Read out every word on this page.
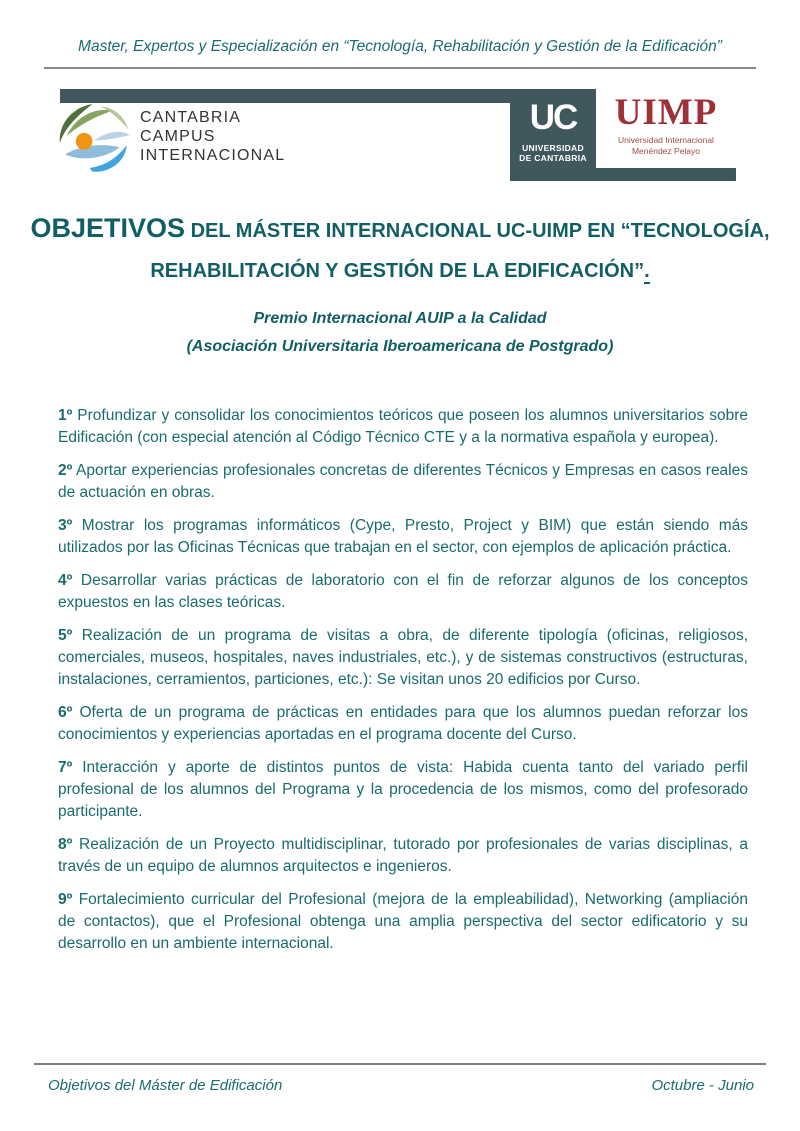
Master, Expertos y Especialización en “Tecnología, Rehabilitación y Gestión de la Edificación”
CANTABRIA
CAMPUS
INTERNACIONAL
UC
UNIVERSIDAD
DE CANTABRIA
UIMP
Universidad Internacional
Menéndez Pelayo
OBJETIVOS DEL MÁSTER INTERNACIONAL UC-UIMP EN “TECNOLOGÍA,
REHABILITACIÓN Y GESTIÓN DE LA EDIFICACIÓN”.
Premio Internacional AUIP a la Calidad
(Asociación Universitaria Iberoamericana de Postgrado)

1º Profundizar y consolidar los conocimientos teóricos que poseen los alumnos universitarios sobre Edificación (con especial atención al Código Técnico CTE y a la normativa española y europea).

2º Aportar experiencias profesionales concretas de diferentes Técnicos y Empresas en casos reales de actuación en obras.

3º Mostrar los programas informáticos (Cype, Presto, Project y BIM) que están siendo más utilizados por las Oficinas Técnicas que trabajan en el sector, con ejemplos de aplicación práctica.

4º Desarrollar varias prácticas de laboratorio con el fin de reforzar algunos de los conceptos expuestos en las clases teóricas.

5º Realización de un programa de visitas a obra, de diferente tipología (oficinas, religiosos, comerciales, museos, hospitales, naves industriales, etc.), y de sistemas constructivos (estructuras, instalaciones, cerramientos, particiones, etc.): Se visitan unos 20 edificios por Curso.

6º Oferta de un programa de prácticas en entidades para que los alumnos puedan reforzar los conocimientos y experiencias aportadas en el programa docente del Curso.

7º Interacción y aporte de distintos puntos de vista: Habida cuenta tanto del variado perfil profesional de los alumnos del Programa y la procedencia de los mismos, como del profesorado participante.

8º Realización de un Proyecto multidisciplinar, tutorado por profesionales de varias disciplinas, a través de un equipo de alumnos arquitectos e ingenieros.

9º Fortalecimiento curricular del Profesional (mejora de la empleabilidad), Networking (ampliación de contactos), que el Profesional obtenga una amplia perspectiva del sector edificatorio y su desarrollo en un ambiente internacional.

Objetivos del Máster de Edificación	Octubre - Junio
